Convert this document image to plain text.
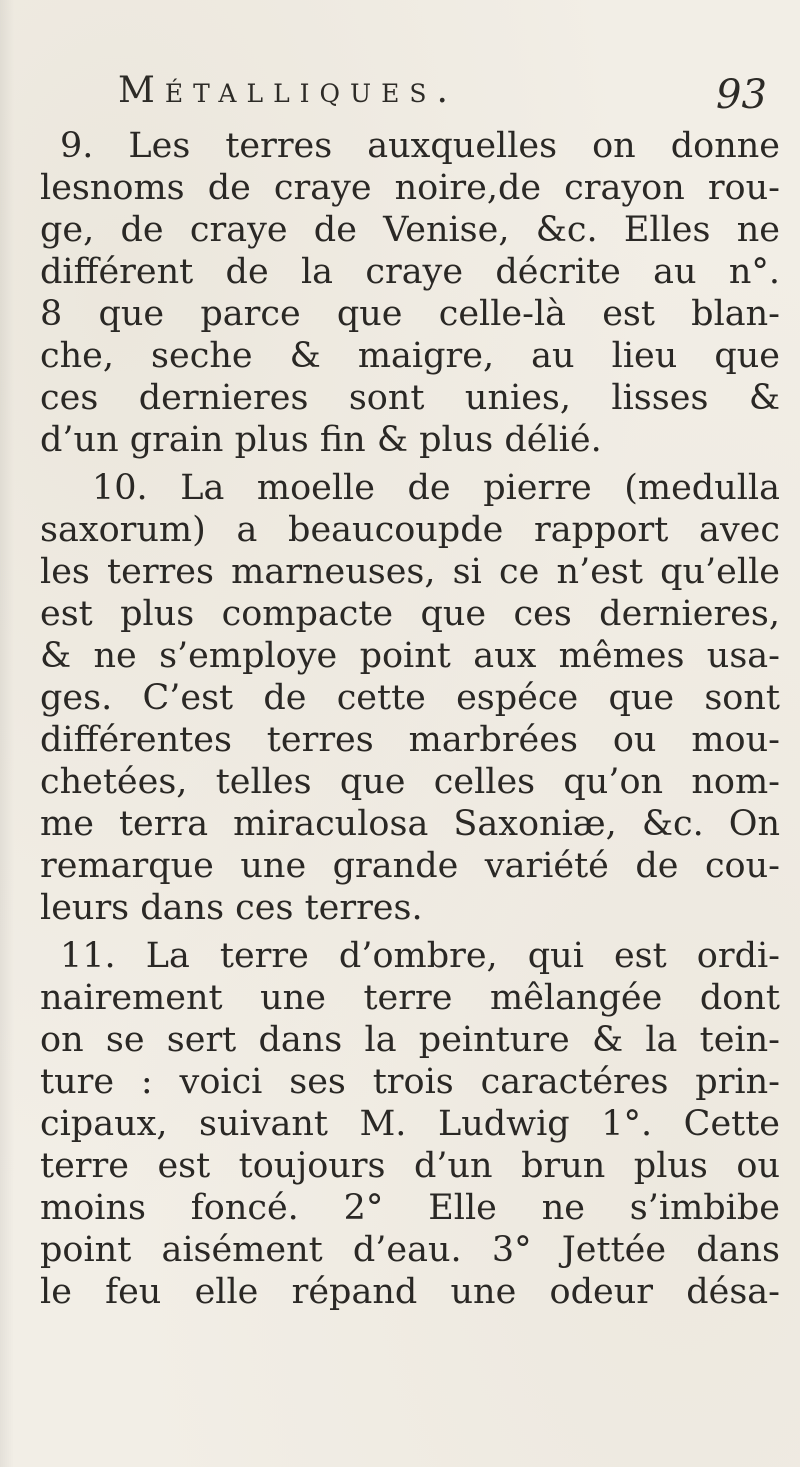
Métalliques.	93
9. Les terres auxquelles on donne
lesnoms de craye noire,de crayon rou-
ge, de craye de Venise, &c. Elles ne
différent de la craye décrite au n°.
8 que parce que celle-là est blan-
che, seche & maigre, au lieu que
ces dernieres sont unies, lisses &
d’un grain plus fin & plus délié.
10. La moelle de pierre (medulla
saxorum) a beaucoupde rapport avec
les terres marneuses, si ce n’est qu’elle
est plus compacte que ces dernieres,
& ne s’employe point aux mêmes usa-
ges. C’est de cette espéce que sont
différentes terres marbrées ou mou-
chetées, telles que celles qu’on nom-
me terra miraculosa Saxoniæ, &c. On
remarque une grande variété de cou-
leurs dans ces terres.
11. La terre d’ombre, qui est ordi-
nairement une terre mêlangée dont
on se sert dans la peinture & la tein-
ture : voici ses trois caractéres prin-
cipaux, suivant M. Ludwig 1°. Cette
terre est toujours d’un brun plus ou
moins foncé. 2° Elle ne s’imbibe
point aisément d’eau. 3° Jettée dans
le feu elle répand une odeur désa-
